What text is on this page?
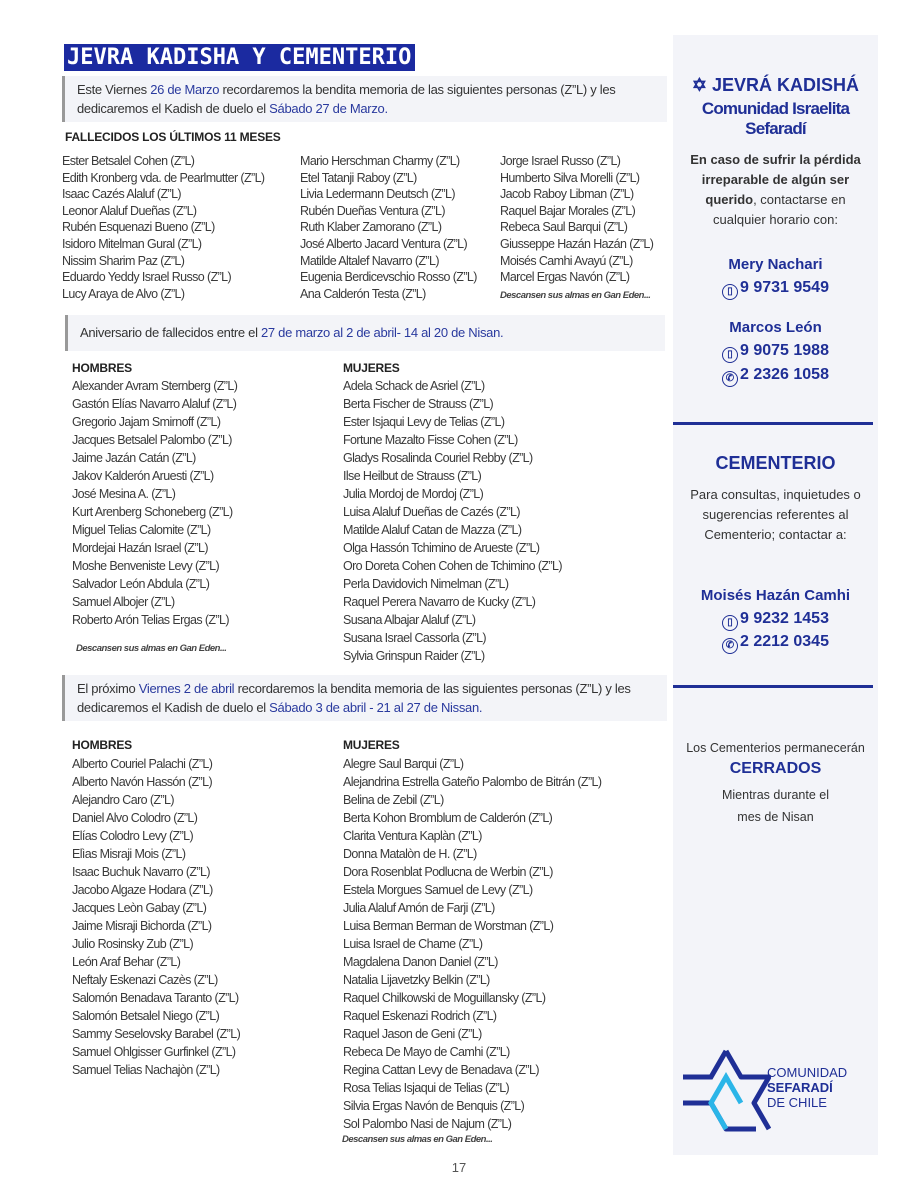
JEVRA KADISHA Y CEMENTERIO
Este Viernes 26 de Marzo recordaremos la bendita memoria de las siguientes personas (Z”L) y les dedicaremos el Kadish de duelo el Sábado 27 de Marzo.
FALLECIDOS LOS ÚLTIMOS 11 MESES
Ester Betsalel Cohen (Z”L)
Edith Kronberg vda. de Pearlmutter (Z”L)
Isaac Cazés Alaluf (Z”L)
Leonor Alaluf Dueñas (Z”L)
Rubén Esquenazi Bueno (Z”L)
Isidoro Mitelman Gural (Z”L)
Nissim Sharim Paz (Z”L)
Eduardo Yeddy Israel Russo (Z”L)
Lucy Araya de Alvo (Z”L)
Mario Herschman Charmy (Z”L)
Etel Tatanji Raboy (Z”L)
Livia Ledermann Deutsch (Z”L)
Rubén Dueñas Ventura (Z”L)
Ruth Klaber Zamorano (Z”L)
José Alberto Jacard Ventura (Z”L)
Matilde Altalef Navarro (Z”L)
Eugenia Berdicevschio Rosso (Z”L)
Ana Calderón Testa (Z”L)
Jorge Israel Russo (Z”L)
Humberto Silva Morelli (Z”L)
Jacob Raboy Libman (Z”L)
Raquel Bajar Morales (Z”L)
Rebeca Saul Barqui (Z”L)
Giusseppe Hazán Hazán (Z”L)
Moisés Camhi Avayú (Z”L)
Marcel Ergas Navón (Z”L)
Descansen sus almas en Gan Eden...
Aniversario de fallecidos entre el 27 de marzo al 2 de abril- 14 al 20 de Nisan.
HOMBRES	MUJERES
Alexander Avram Sternberg (Z”L)
Gastón Elías Navarro Alaluf (Z”L)
Gregorio Jajam Smirnoff (Z”L)
Jacques Betsalel Palombo (Z”L)
Jaime Jazán Catán (Z”L)
Jakov Kalderón Aruesti (Z”L)
José Mesina A. (Z”L)
Kurt Arenberg Schoneberg (Z”L)
Miguel Telias Calomite (Z”L)
Mordejai Hazán Israel (Z”L)
Moshe Benveniste Levy (Z”L)
Salvador León Abdula (Z”L)
Samuel Albojer (Z”L)
Roberto Arón Telias Ergas (Z”L)
Adela Schack de Asriel (Z”L)
Berta Fischer de Strauss (Z”L)
Ester Isjaqui Levy de Telias (Z”L)
Fortune Mazalto Fisse Cohen (Z”L)
Gladys Rosalinda Couriel Rebby (Z”L)
Ilse Heilbut de Strauss (Z”L)
Julia Mordoj de Mordoj (Z”L)
Luisa Alaluf Dueñas de Cazés (Z”L)
Matilde Alaluf Catan de Mazza (Z”L)
Olga Hassón Tchimino de Arueste (Z”L)
Oro Doreta Cohen Cohen de Tchimino (Z”L)
Perla Davidovich Nimelman (Z”L)
Raquel Perera Navarro de Kucky (Z”L)
Susana Albajar Alaluf (Z”L)
Susana Israel Cassorla (Z”L)
Sylvia Grinspun Raider (Z”L)
Descansen sus almas en Gan Eden...
El próximo Viernes 2 de abril recordaremos la bendita memoria de las siguientes personas (Z”L) y les dedicaremos el Kadish de duelo el Sábado 3 de abril - 21 al 27 de Nissan.
HOMBRES	MUJERES
Alberto Couriel Palachi (Z”L)
Alberto Navón Hassón (Z”L)
Alejandro Caro (Z”L)
Daniel Alvo Colodro (Z”L)
Elías Colodro Levy (Z”L)
Elìas Misraji Mois (Z”L)
Isaac Buchuk Navarro (Z”L)
Jacobo Algaze Hodara (Z”L)
Jacques Leòn Gabay (Z”L)
Jaime Misraji Bichorda (Z”L)
Julio Rosinsky Zub (Z”L)
León Araf Behar (Z”L)
Neftaly Eskenazi Cazès (Z”L)
Salomón Benadava Taranto (Z”L)
Salomón Betsalel Niego (Z”L)
Sammy Seselovsky Barabel (Z”L)
Samuel Ohlgisser Gurfinkel (Z”L)
Samuel Telias Nachajòn (Z”L)
Alegre Saul Barqui (Z”L)
Alejandrina Estrella Gateño Palombo de Bitrán (Z”L)
Belina de Zebil (Z”L)
Berta Kohon Bromblum de Calderón (Z”L)
Clarita Ventura Kaplàn (Z”L)
Donna Matalòn de H. (Z”L)
Dora Rosenblat Podlucna de Werbin (Z”L)
Estela Morgues Samuel de Levy (Z”L)
Julia Alaluf Amón de Farji (Z”L)
Luisa Berman Berman de Worstman (Z”L)
Luisa Israel de Chame (Z”L)
Magdalena Danon Daniel (Z”L)
Natalia Lijavetzky Belkin (Z”L)
Raquel Chilkowski de Moguillansky (Z”L)
Raquel Eskenazi Rodrich (Z”L)
Raquel Jason de Geni (Z”L)
Rebeca De Mayo de Camhi (Z”L)
Regina Cattan Levy de Benadava (Z”L)
Rosa Telias Isjaqui de Telias (Z”L)
Silvia Ergas Navón de Benquis (Z”L)
Sol Palombo Nasi de Najum (Z”L)
Descansen sus almas en Gan Eden...
✡ JEVRÁ KADISHÁ
Comunidad Israelita Sefaradí
En caso de sufrir la pérdida irreparable de algún ser querido, contactarse en cualquier horario con:
Mery Nachari
▯ 9 9731 9549
Marcos León
▯ 9 9075 1988
✆ 2 2326 1058
CEMENTERIO
Para consultas, inquietudes o sugerencias referentes al Cementerio; contactar a:
Moisés Hazán Camhi
▯ 9 9232 1453
✆ 2 2212 0345
Los Cementerios permanecerán
CERRADOS
Mientras durante el mes de Nisan
COMUNIDAD
SEFARADÍ
DE CHILE
17
